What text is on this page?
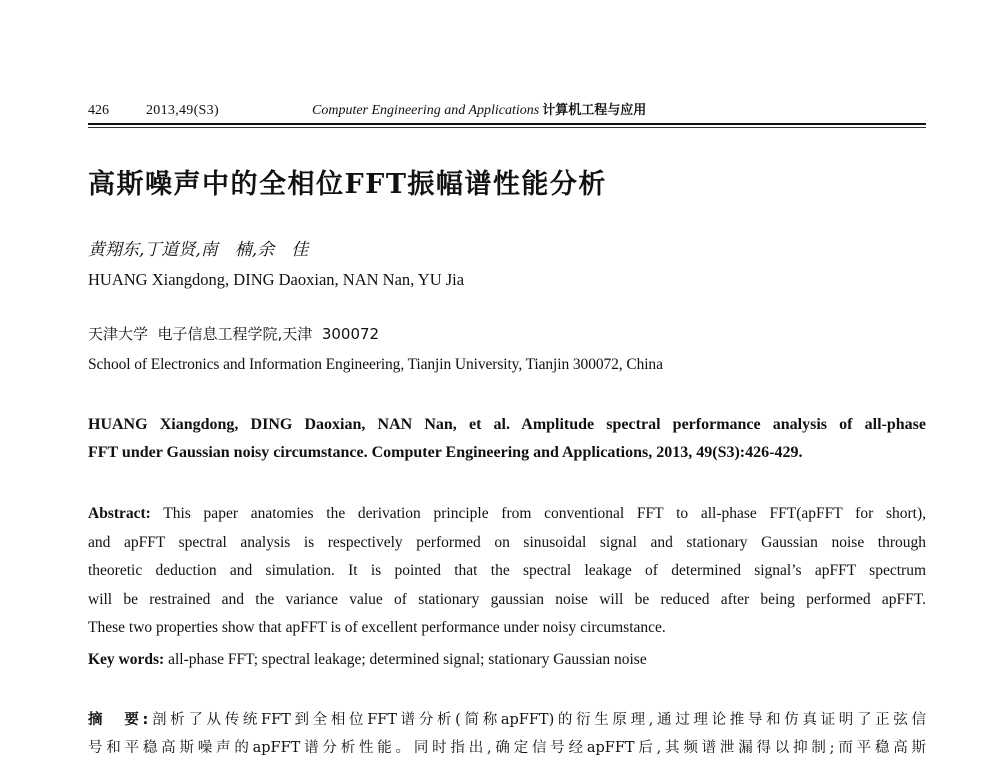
426	2013,49(S3)	Computer Engineering and Applications 计算机工程与应用
高斯噪声中的全相位FFT振幅谱性能分析
黄翔东,丁道贤,南　楠,余　佳
HUANG Xiangdong, DING Daoxian, NAN Nan, YU Jia
天津大学  电子信息工程学院,天津  300072
School of Electronics and Information Engineering, Tianjin University, Tianjin 300072, China
HUANG Xiangdong, DING Daoxian, NAN Nan, et al. Amplitude spectral performance analysis of all-phase
FFT under Gaussian noisy circumstance. Computer Engineering and Applications, 2013, 49(S3):426-429.
Abstract: This paper anatomies the derivation principle from conventional FFT to all-phase FFT(apFFT for short),
and apFFT spectral analysis is respectively performed on sinusoidal signal and stationary Gaussian noise through
theoretic deduction and simulation. It is pointed that the spectral leakage of determined signal’s apFFT spectrum
will be restrained and the variance value of stationary gaussian noise will be reduced after being performed apFFT.
These two properties show that apFFT is of excellent performance under noisy circumstance.
Key words: all-phase FFT; spectral leakage; determined signal; stationary Gaussian noise
摘　要:剖析了从传统FFT到全相位FFT谱分析(简称apFFT)的衍生原理,通过理论推导和仿真证明了正弦信
号和平稳高斯噪声的apFFT谱分析性能。同时指出,确定信号经apFFT后,其频谱泄漏得以抑制;而平稳高斯
